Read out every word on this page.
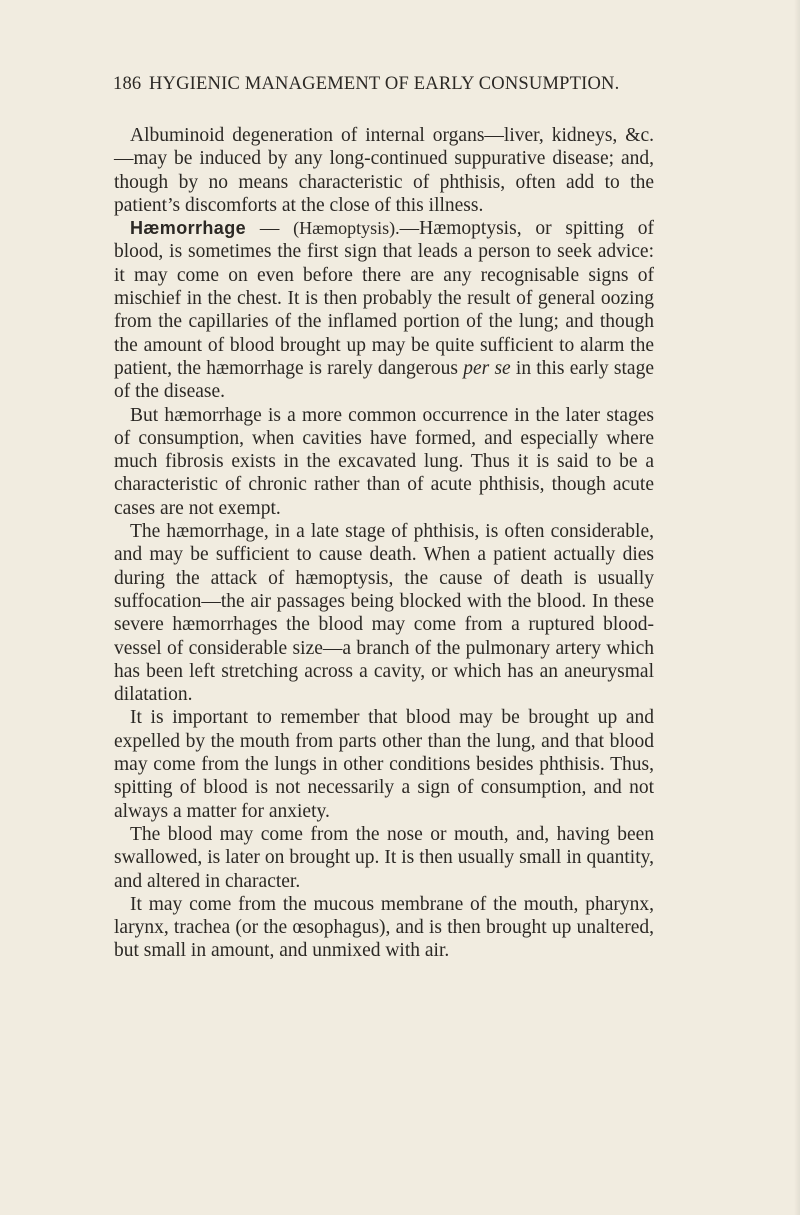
186 HYGIENIC MANAGEMENT OF EARLY CONSUMPTION.

Albuminoid degeneration of internal organs—liver, kidneys, &c.—may be induced by any long-continued suppurative disease; and, though by no means characteristic of phthisis, often add to the patient’s discomforts at the close of this illness.

Hæmorrhage — (Hæmoptysis).—Hæmoptysis, or spitting of blood, is sometimes the first sign that leads a person to seek advice: it may come on even before there are any recognisable signs of mischief in the chest. It is then probably the result of general oozing from the capillaries of the inflamed portion of the lung; and though the amount of blood brought up may be quite sufficient to alarm the patient, the hæmorrhage is rarely dangerous per se in this early stage of the disease.

But hæmorrhage is a more common occurrence in the later stages of consumption, when cavities have formed, and especially where much fibrosis exists in the excavated lung. Thus it is said to be a characteristic of chronic rather than of acute phthisis, though acute cases are not exempt.

The hæmorrhage, in a late stage of phthisis, is often considerable, and may be sufficient to cause death. When a patient actually dies during the attack of hæmoptysis, the cause of death is usually suffocation—the air passages being blocked with the blood. In these severe hæmorrhages the blood may come from a ruptured blood-vessel of considerable size—a branch of the pulmonary artery which has been left stretching across a cavity, or which has an aneurysmal dilatation.

It is important to remember that blood may be brought up and expelled by the mouth from parts other than the lung, and that blood may come from the lungs in other conditions besides phthisis. Thus, spitting of blood is not necessarily a sign of consumption, and not always a matter for anxiety.

The blood may come from the nose or mouth, and, having been swallowed, is later on brought up. It is then usually small in quantity, and altered in character.

It may come from the mucous membrane of the mouth, pharynx, larynx, trachea (or the œsophagus), and is then brought up unaltered, but small in amount, and unmixed with air.
